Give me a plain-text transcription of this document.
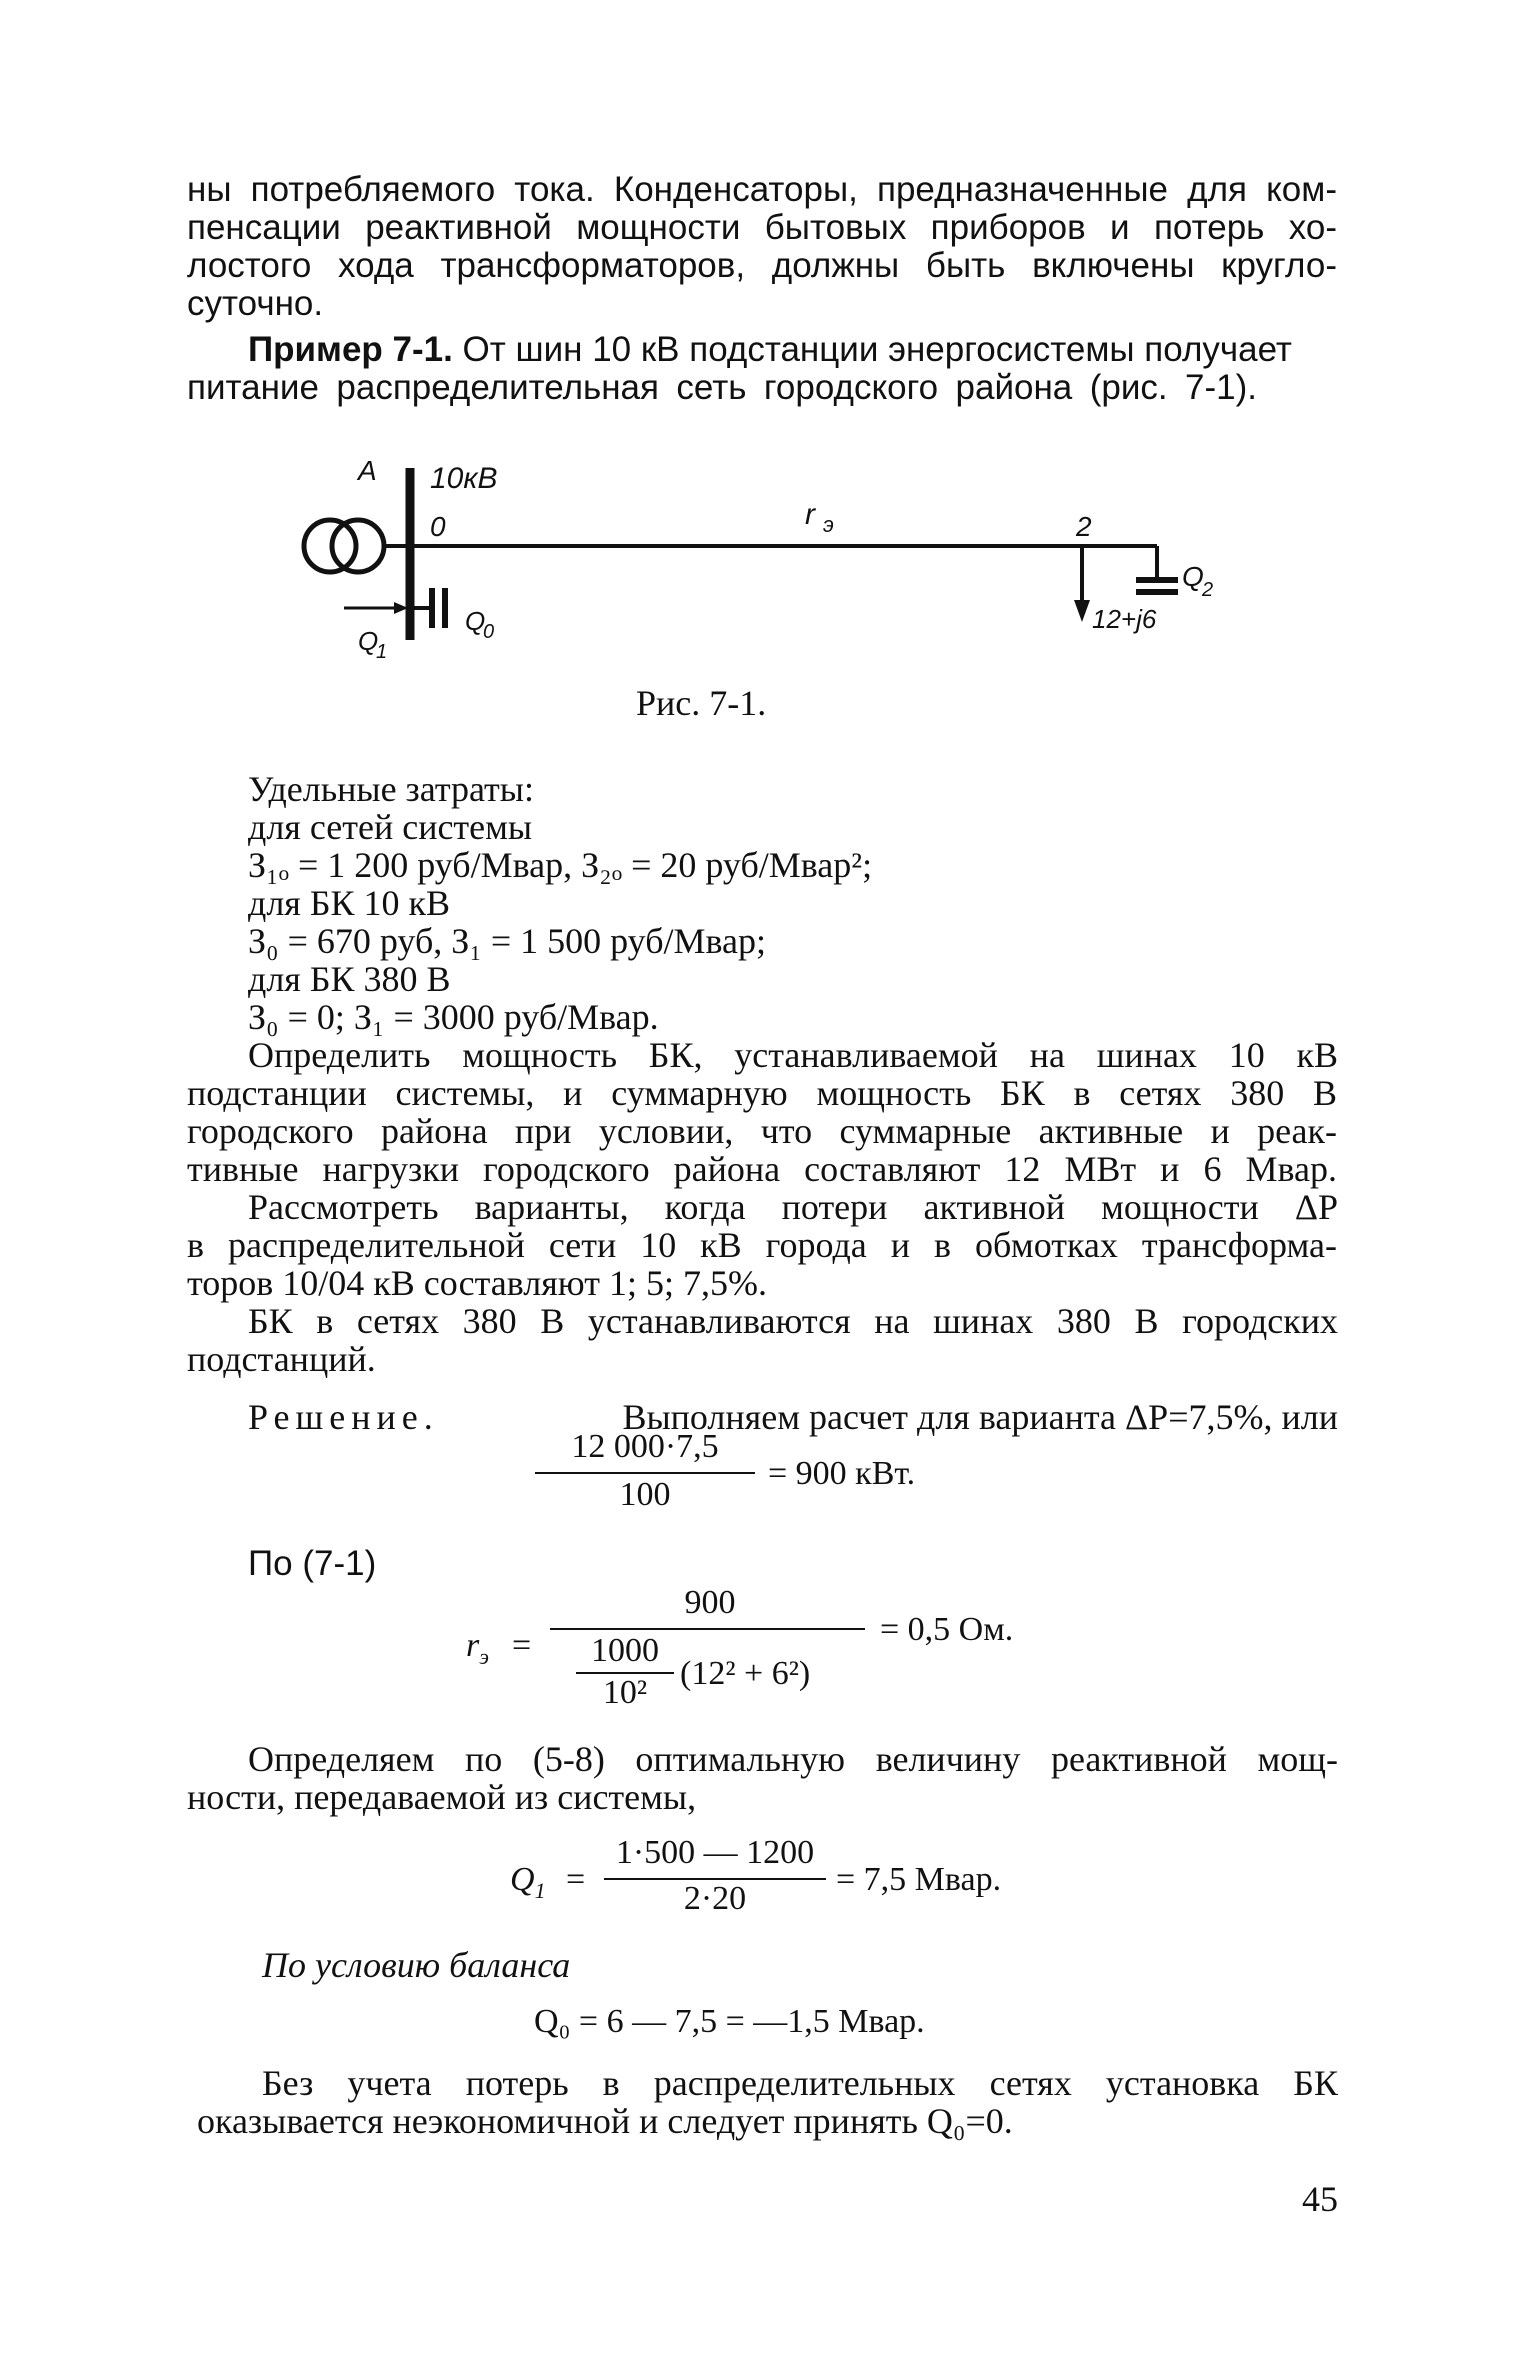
ны потребляемого тока. Конденсаторы, предназначенные для ком-
пенсации реактивной мощности бытовых приборов и потерь хо-
лостого хода трансформаторов, должны быть включены кругло-
суточно.
Пример 7-1. От шин 10 кВ подстанции энергосистемы получает
питание распределительная сеть городского района (рис. 7-1).
А 10кВ
0	r э	2
Q
2
12+j6
Q
0
Q
1
Рис. 7-1.
Удельные затраты:
для сетей системы
З₁ₒ = 1 200 руб/Мвар, З₂ₒ = 20 руб/Мвар²;
для БК 10 кВ
З₀ = 670 руб, З₁ = 1 500 руб/Мвар;
для БК 380 В
З₀ = 0; З₁ = 3000 руб/Мвар.
Определить мощность БК, устанавливаемой на шинах 10 кВ
подстанции системы, и суммарную мощность БК в сетях 380 В
городского района при условии, что суммарные активные и реак-
тивные нагрузки городского района составляют 12 МВт и 6 Мвар.
Рассмотреть варианты, когда потери активной мощности ΔP
в распределительной сети 10 кВ города и в обмотках трансформа-
торов 10/04 кВ составляют 1; 5; 7,5%.
БК в сетях 380 В устанавливаются на шинах 380 В городских
подстанций.
Решение.	Выполняем расчет для варианта ΔP=7,5%, или
12 000·7,5
100
= 900 кВт.
По (7-1)
$r_э$ =
900
1000
10²
(12² + 6²)
= 0,5 Ом.
Определяем по (5-8) оптимальную величину реактивной мощ-
ности, передаваемой из системы,
$Q_1$ =
1·500 — 1200
2·20
= 7,5 Мвар.
По условию баланса
Q₀ = 6 — 7,5 = —1,5 Мвар.
Без учета потерь в распределительных сетях установка БК
оказывается неэкономичной и следует принять Q₀=0.
45
